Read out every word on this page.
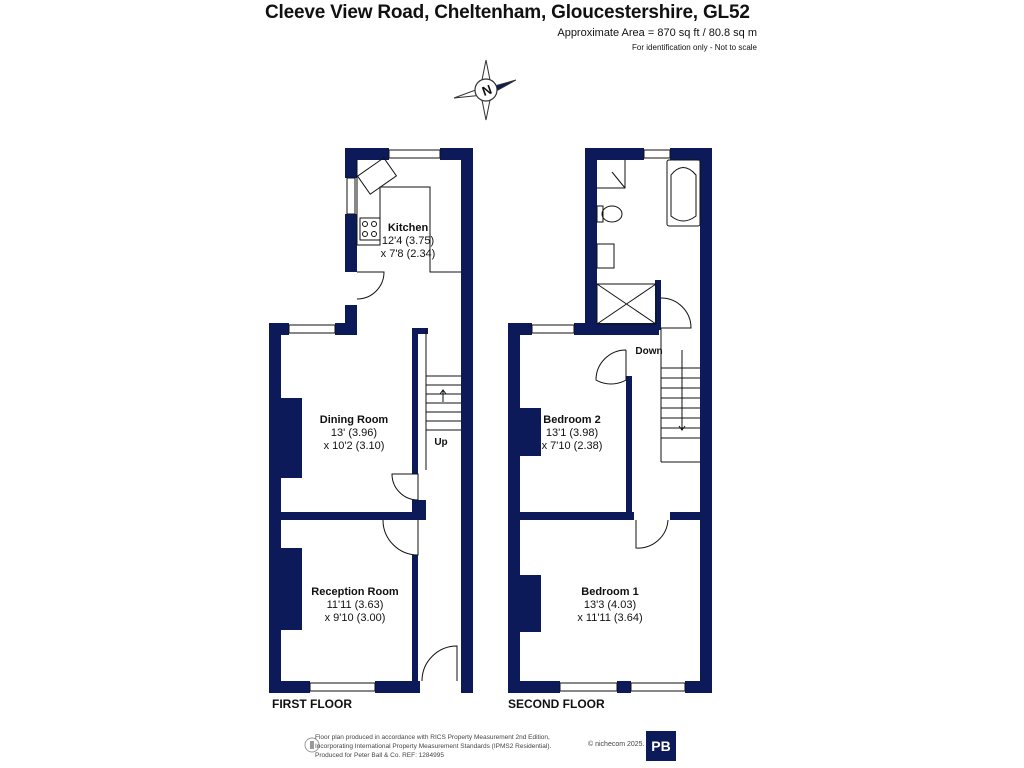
Cleeve View Road, Cheltenham, Gloucestershire, GL52
Approximate Area = 870 sq ft / 80.8 sq m
For identification only - Not to scale
N
Kitchen
12'4 (3.75)
x 7'8 (2.34)
Dining Room
13' (3.96)
x 10'2 (3.10)
Reception Room
11'11 (3.63)
x 9'10 (3.00)
Up
Bedroom 2
13'1 (3.98)
x 7'10 (2.38)
Bedroom 1
13'3 (4.03)
x 11'11 (3.64)
Down
FIRST FLOOR	SECOND FLOOR
Floor plan produced in accordance with RICS Property Measurement 2nd Edition,
Incorporating International Property Measurement Standards (IPMS2 Residential).
Produced for Peter Ball & Co. REF: 1284995
© nichecom 2025. PB
